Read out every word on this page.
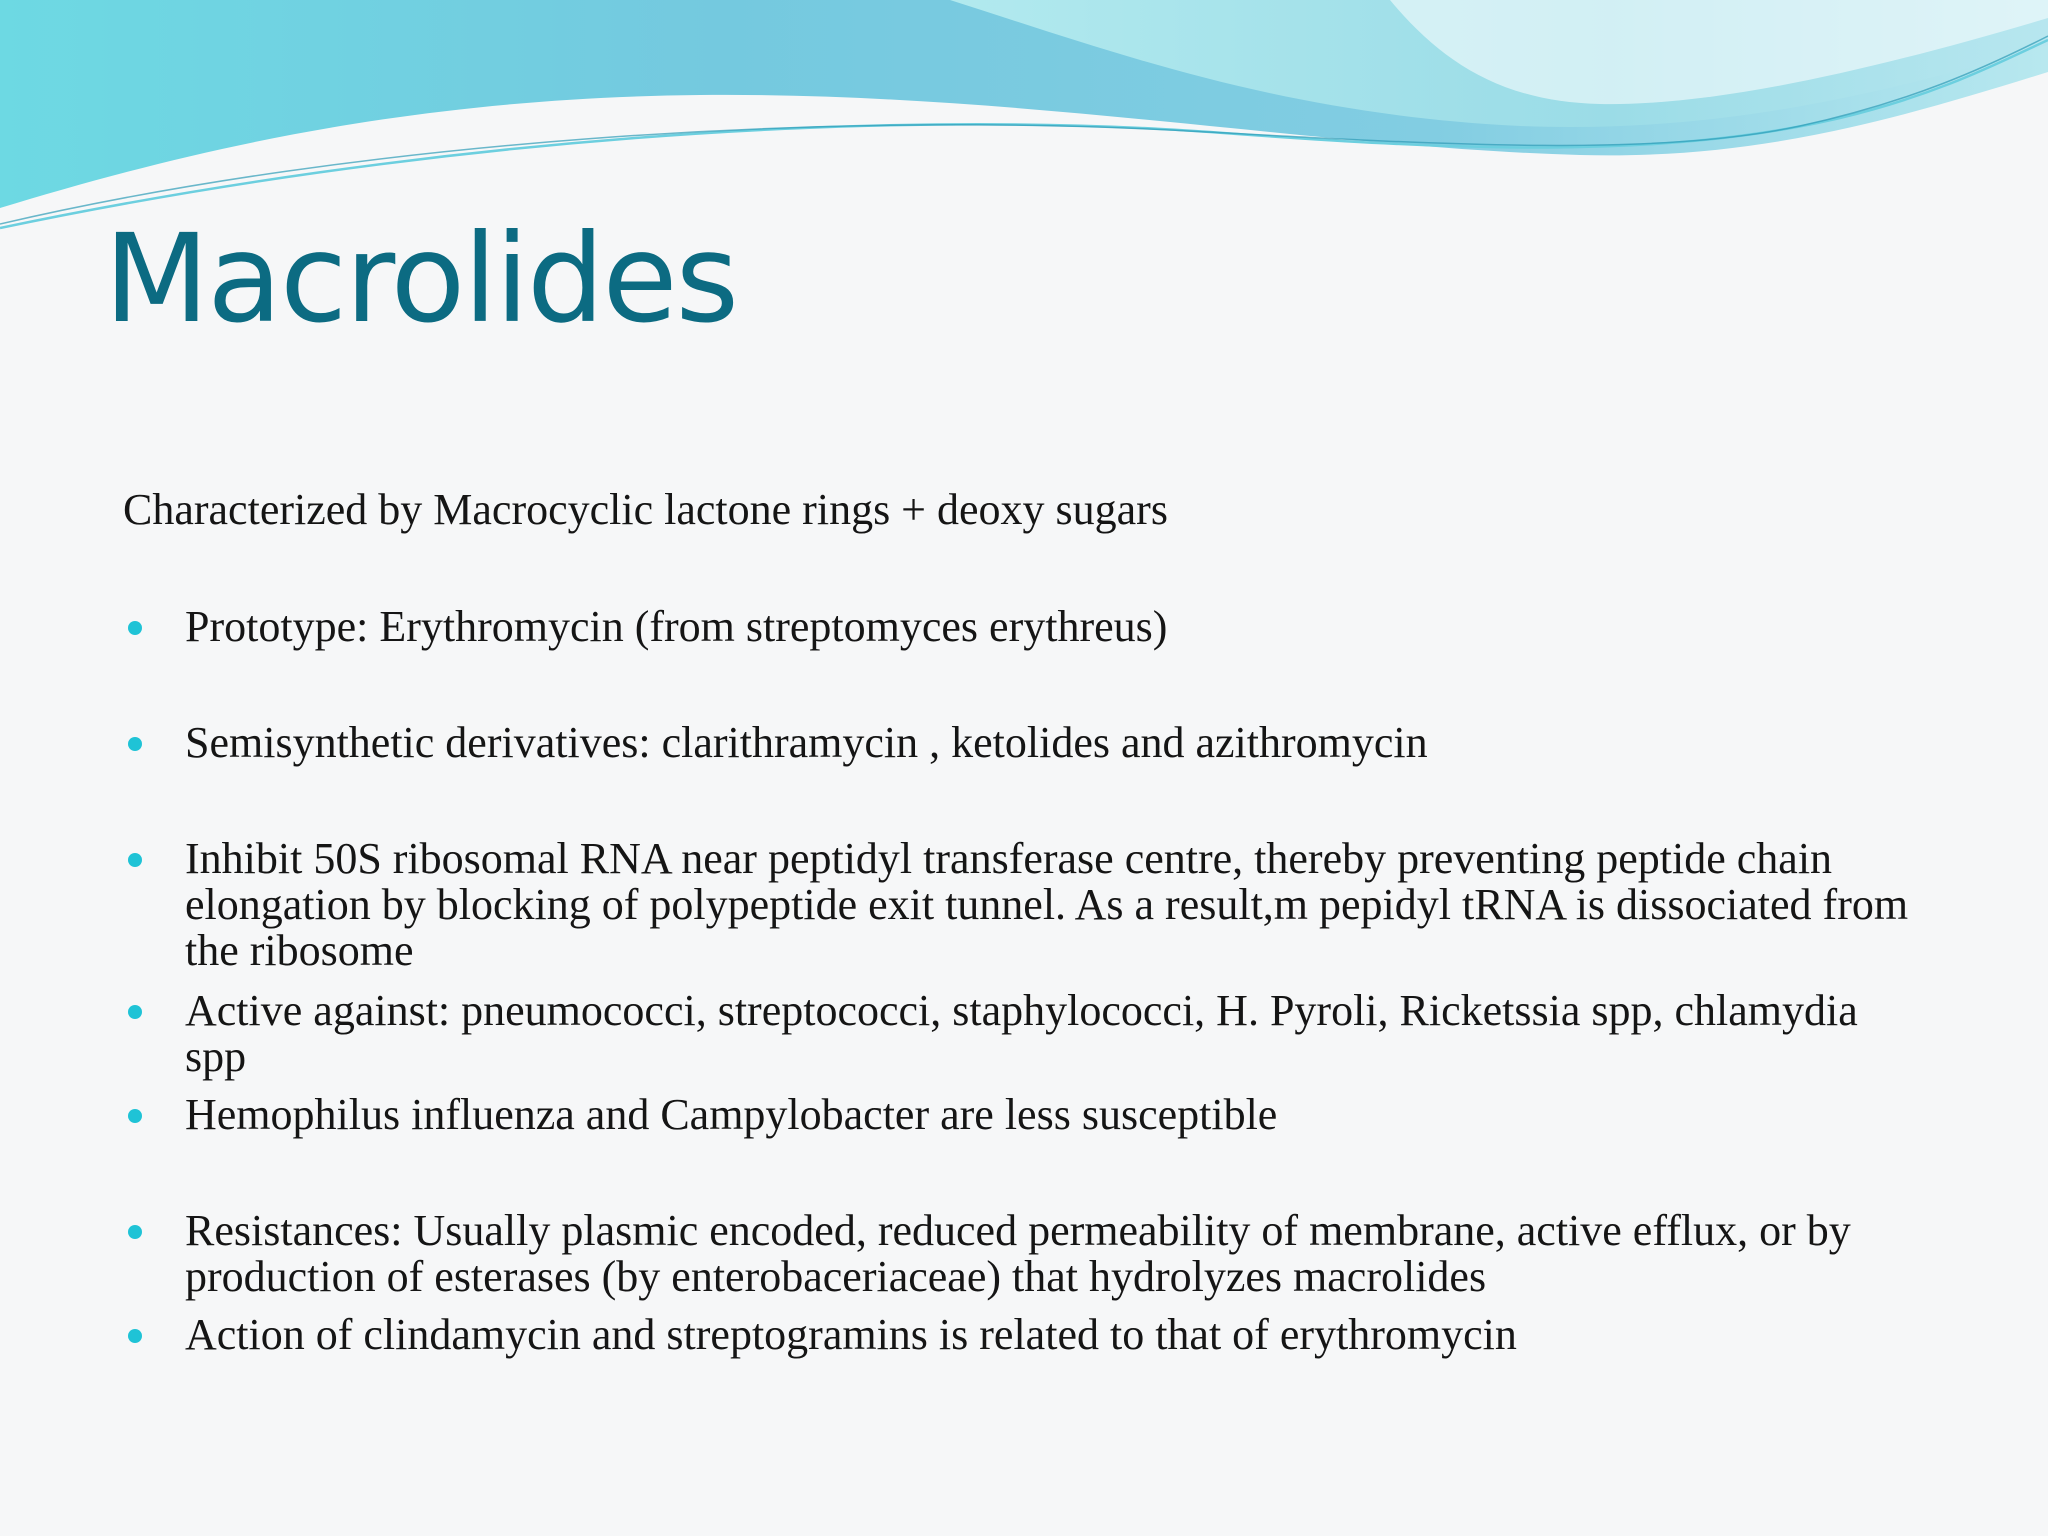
Macrolides

Characterized by Macrocyclic lactone rings + deoxy sugars

Prototype: Erythromycin (from streptomyces erythreus)
Semisynthetic derivatives: clarithramycin , ketolides and azithromycin
Inhibit 50S ribosomal RNA near peptidyl transferase centre, thereby preventing peptide chain elongation by blocking of polypeptide exit tunnel. As a result,m pepidyl tRNA is dissociated from the ribosome
Active against: pneumococci, streptococci, staphylococci, H. Pyroli, Ricketssia spp, chlamydia spp
Hemophilus influenza and Campylobacter are less susceptible
Resistances: Usually plasmic encoded, reduced permeability of membrane, active efflux, or by production of esterases (by enterobaceriaceae) that hydrolyzes macrolides
Action of clindamycin and streptogramins is related to that of erythromycin
